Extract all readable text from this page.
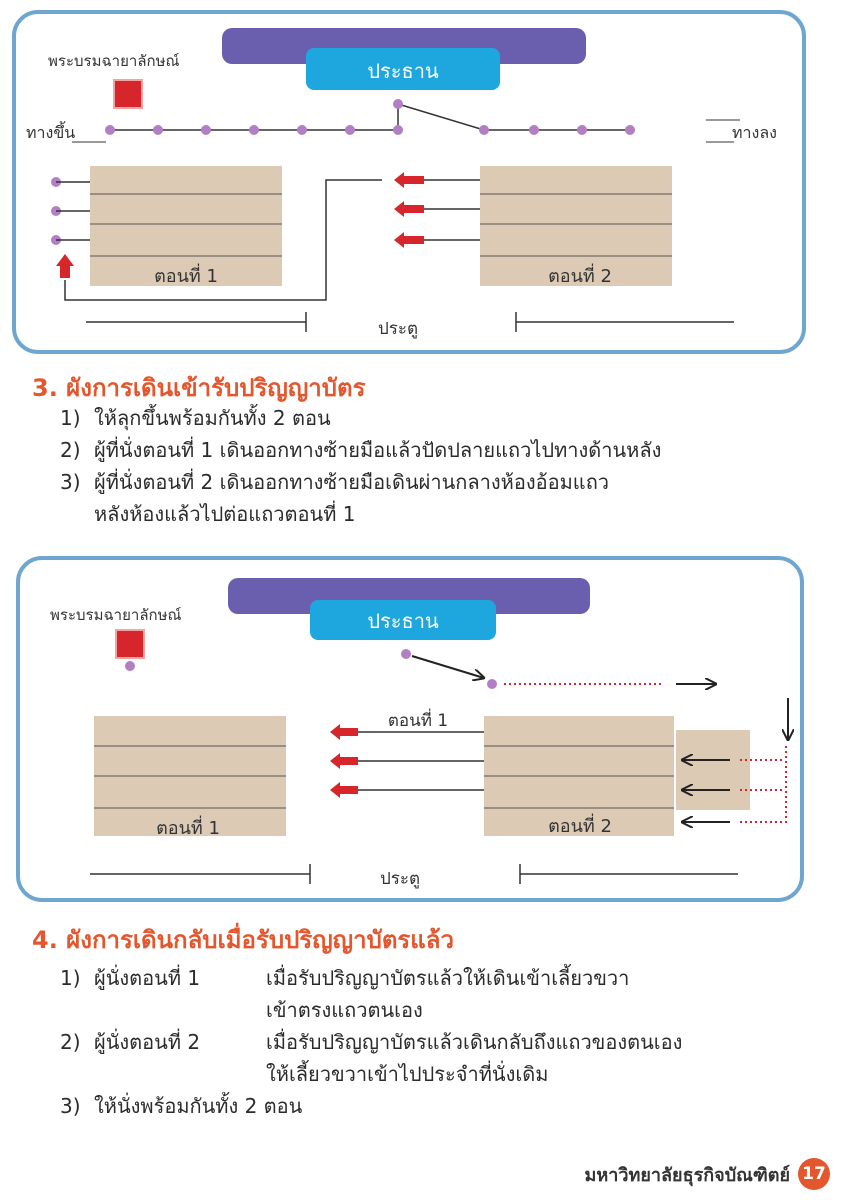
ประธาน
พระบรมฉายาลักษณ์
ทางขึ้น	ทางลง
ตอนที่ 1	ตอนที่ 2
ประตู
3. ผังการเดินเข้ารับปริญญาบัตร
1) ให้ลุกขึ้นพร้อมกันทั้ง 2 ตอน
2) ผู้ที่นั่งตอนที่ 1 เดินออกทางซ้ายมือแล้วปัดปลายแถวไปทางด้านหลัง
3) ผู้ที่นั่งตอนที่ 2 เดินออกทางซ้ายมือเดินผ่านกลางห้องอ้อมแถว
หลังห้องแล้วไปต่อแถวตอนที่ 1
ประธาน
พระบรมฉายาลักษณ์
ตอนที่ 1	ตอนที่ 2
ตอนที่ 1
ประตู
4. ผังการเดินกลับเมื่อรับปริญญาบัตรแล้ว
1) ผู้นั่งตอนที่ 1	เมื่อรับปริญญาบัตรแล้วให้เดินเข้าเลี้ยวขวา
เข้าตรงแถวตนเอง
2) ผู้นั่งตอนที่ 2	เมื่อรับปริญญาบัตรแล้วเดินกลับถึงแถวของตนเอง
ให้เลี้ยวขวาเข้าไปประจำที่นั่งเดิม
3) ให้นั่งพร้อมกันทั้ง 2 ตอน
มหาวิทยาลัยธุรกิจบัณฑิตย์ 17
